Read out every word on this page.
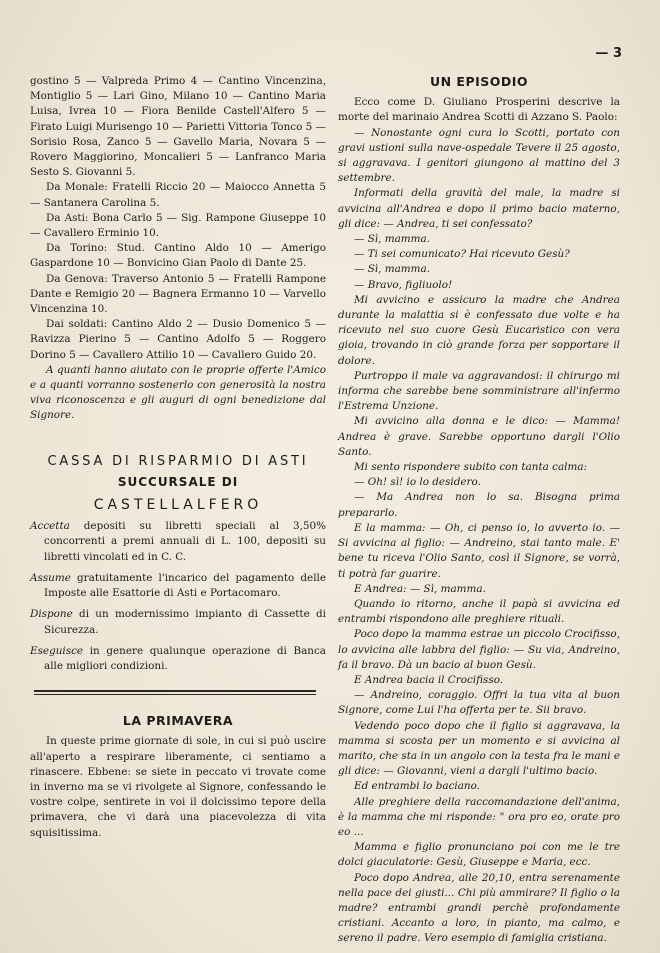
— 3

gostino 5 — Valpreda Primo 4 — Cantino Vincenzina, Montiglio 5 — Lari Gino, Milano 10 — Cantino Maria Luisa, Ivrea 10 — Fiora Benilde Castell'Alfero 5 — Firato Luigi Murisengo 10 — Parietti Vittoria Tonco 5 — Sorisio Rosa, Zanco 5 — Gavello Maria, Novara 5 — Rovero Maggiorino, Moncalieri 5 — Lanfranco Maria Sesto S. Giovanni 5.

Da Monale: Fratelli Riccio 20 — Maiocco Annetta 5 — Santanera Carolina 5.

Da Asti: Bona Carlo 5 — Sig. Rampone Giuseppe 10 — Cavallero Erminio 10.

Da Torino: Stud. Cantino Aldo 10 — Amerigo Gaspardone 10 — Bonvicino Gian Paolo di Dante 25.

Da Genova: Traverso Antonio 5 — Fratelli Rampone Dante e Remigio 20 — Bagnera Ermanno 10 — Varvello Vincenzina 10.

Dai soldati: Cantino Aldo 2 — Dusio Domenico 5 — Ravizza Pierino 5 — Cantino Adolfo 5 — Roggero Dorino 5 — Cavallero Attilio 10 — Cavallero Guido 20.

A quanti hanno aiutato con le proprie offerte l'Amico e a quanti vorranno sostenerlo con generosità la nostra viva riconoscenza e gli auguri di ogni benedizione dal Signore.

CASSA DI RISPARMIO DI ASTI
SUCCURSALE DI
CASTELLALFERO

Accetta depositi su libretti speciali al 3,50% concorrenti a premi annuali di L. 100, depositi su libretti vincolati ed in C. C.

Assume gratuitamente l'incarico del pagamento delle Imposte alle Esattorie di Asti e Portacomaro.

Dispone di un modernissimo impianto di Cassette di Sicurezza.

Eseguisce in genere qualunque operazione di Banca alle migliori condizioni.

LA PRIMAVERA

In queste prime giornate di sole, in cui si può uscire all'aperto a respirare liberamente, ci sentiamo a rinascere. Ebbene: se siete in peccato vi trovate come in inverno ma se vi rivolgete al Signore, confessando le vostre colpe, sentirete in voi il dolcissimo tepore della primavera, che vi darà una piacevolezza di vita squisitissima.

UN EPISODIO

Ecco come D. Giuliano Prosperini descrive la morte del marinaio Andrea Scotti di Azzano S. Paolo:

— Nonostante ogni cura lo Scotti, portato con gravi ustioni sulla nave-ospedale Tevere il 25 agosto, si aggravava. I genitori giungono al mattino del 3 settembre.

Informati della gravità del male, la madre si avvicina all'Andrea e dopo il primo bacio materno, gli dice: — Andrea, ti sei confessato?

— Sì, mamma.

— Ti sei comunicato? Hai ricevuto Gesù?

— Sì, mamma.

— Bravo, figliuolo!

Mi avvicino e assicuro la madre che Andrea durante la malattia si è confessato due volte e ha ricevuto nel suo cuore Gesù Eucaristico con vera gioia, trovando in ciò grande forza per sopportare il dolore.

Purtroppo il male va aggravandosi: il chirurgo mi informa che sarebbe bene somministrare all'infermo l'Estrema Unzione.

Mi avvicino alla donna e le dico: — Mamma! Andrea è grave. Sarebbe opportuno dargli l'Olio Santo.

Mi sento rispondere subito con tanta calma:

— Oh! sì! io lo desidero.

— Ma Andrea non lo sa. Bisogna prima prepararlo.

E la mamma: — Oh, ci penso io, lo avverto io. — Si avvicina al figlio: — Andreino, stai tanto male. E' bene tu riceva l'Olio Santo, così il Signore, se vorrà, ti potrà far guarire.

E Andrea: — Sì, mamma.

Quando io ritorno, anche il papà si avvicina ed entrambi rispondono alle preghiere rituali.

Poco dopo la mamma estrae un piccolo Crocifisso, lo avvicina alle labbra del figlio: — Su via, Andreino, fa il bravo. Dà un bacio al buon Gesù.

E Andrea bacia il Crocifisso.

— Andreino, coraggio. Offri la tua vita al buon Signore, come Lui l'ha offerta per te. Sii bravo.

Vedendo poco dopo che il figlio si aggravava, la mamma si scosta per un momento e si avvicina al marito, che sta in un angolo con la testa fra le mani e gli dice: — Giovanni, vieni a dargli l'ultimo bacio.

Ed entrambi lo baciano.

Alle preghiere della raccomandazione dell'anima, è la mamma che mi risponde: " ora pro eo, orate pro eo ...

Mamma e figlio pronunciano poi con me le tre dolci giaculatorie: Gesù, Giuseppe e Maria, ecc.

Poco dopo Andrea, alle 20,10, entra serenamente nella pace dei giusti... Chi più ammirare? Il figlio o la madre? entrambi grandi perchè profondamente cristiani. Accanto a loro, in pianto, ma calmo, e sereno il padre. Vero esempio di famiglia cristiana.
